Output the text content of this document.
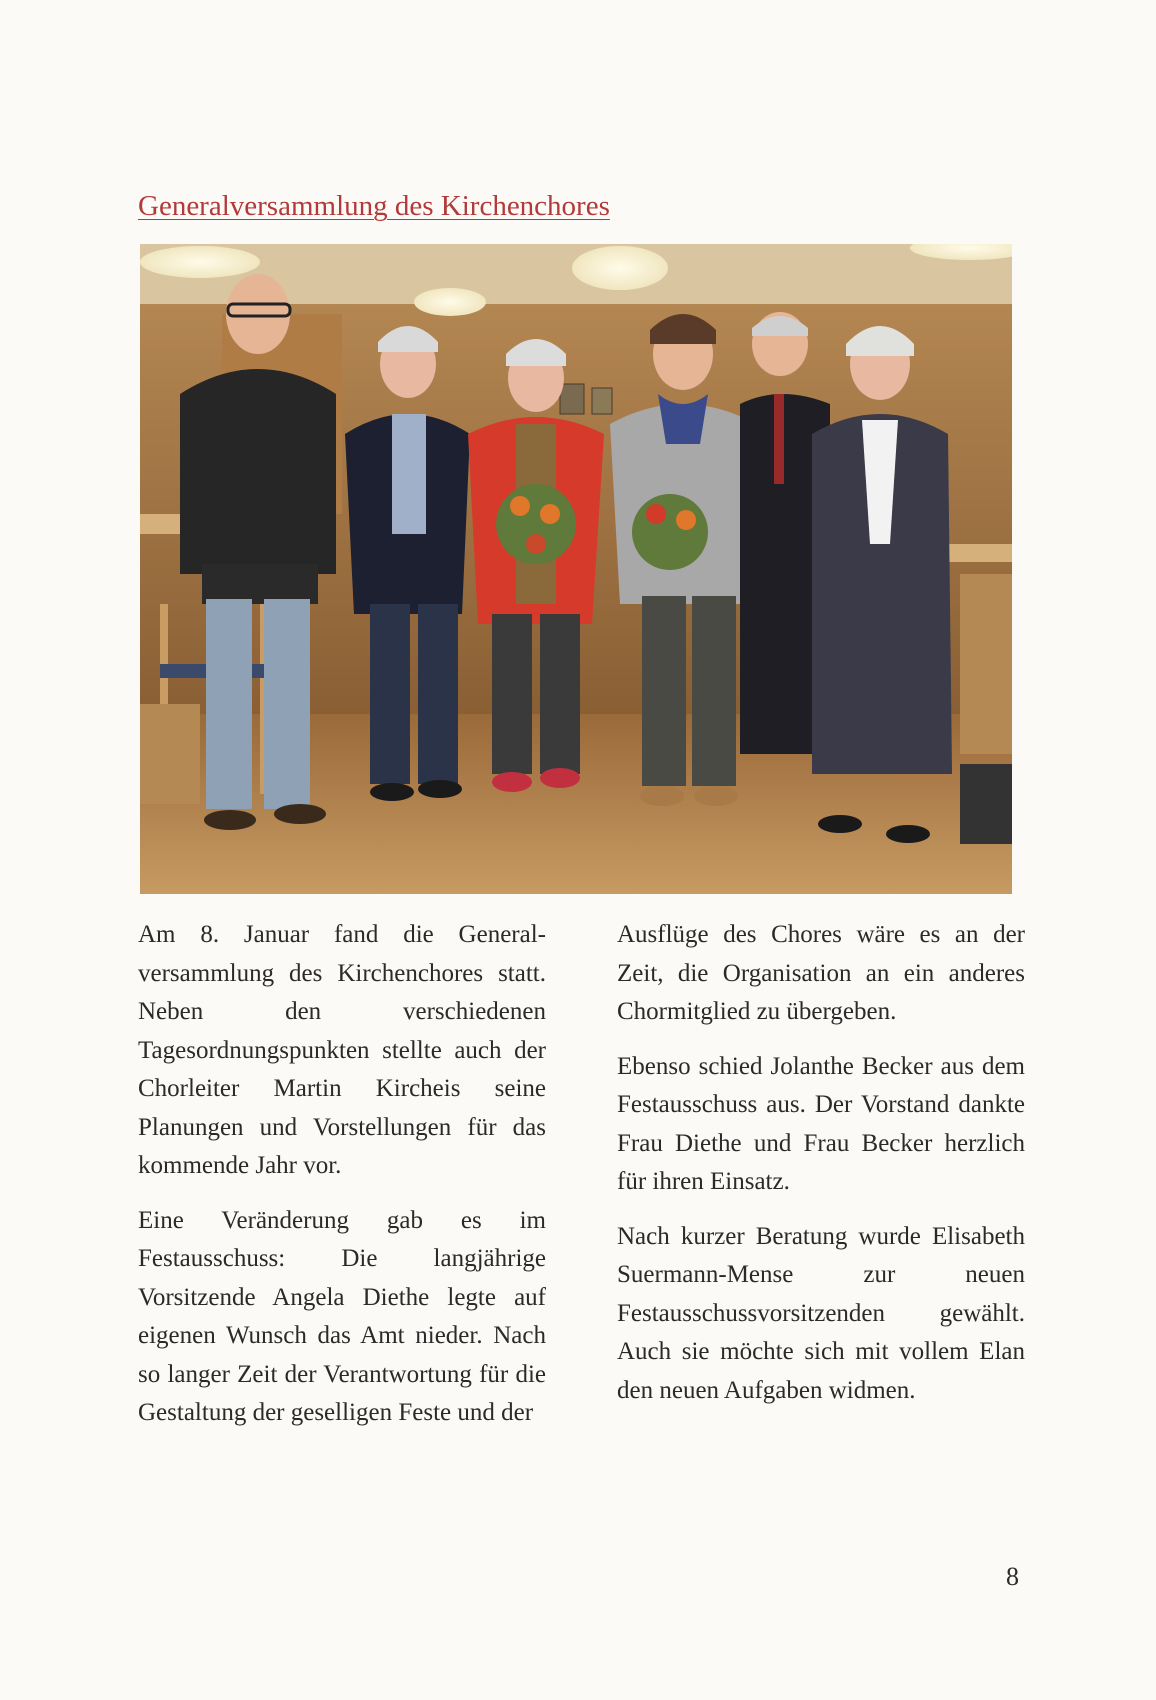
Generalversammlung des Kirchenchores

Am 8. Januar fand die Generalversammlung des Kirchenchores statt. Neben den verschiedenen Tagesordnungspunkten stellte auch der Chorleiter Martin Kircheis seine Planungen und Vorstellungen für das kommende Jahr vor.

Eine Veränderung gab es im Festausschuss: Die langjährige Vorsitzende Angela Diethe legte auf eigenen Wunsch das Amt nieder. Nach so langer Zeit der Verantwortung für die Gestaltung der geselligen Feste und der

Ausflüge des Chores wäre es an der Zeit, die Organisation an ein anderes Chormitglied zu übergeben.

Ebenso schied Jolanthe Becker aus dem Festausschuss aus. Der Vorstand dankte Frau Diethe und Frau Becker herzlich für ihren Einsatz.

Nach kurzer Beratung wurde Elisabeth Suermann-Mense zur neuen Festausschussvorsitzenden gewählt. Auch sie möchte sich mit vollem Elan den neuen Aufgaben widmen.

8
